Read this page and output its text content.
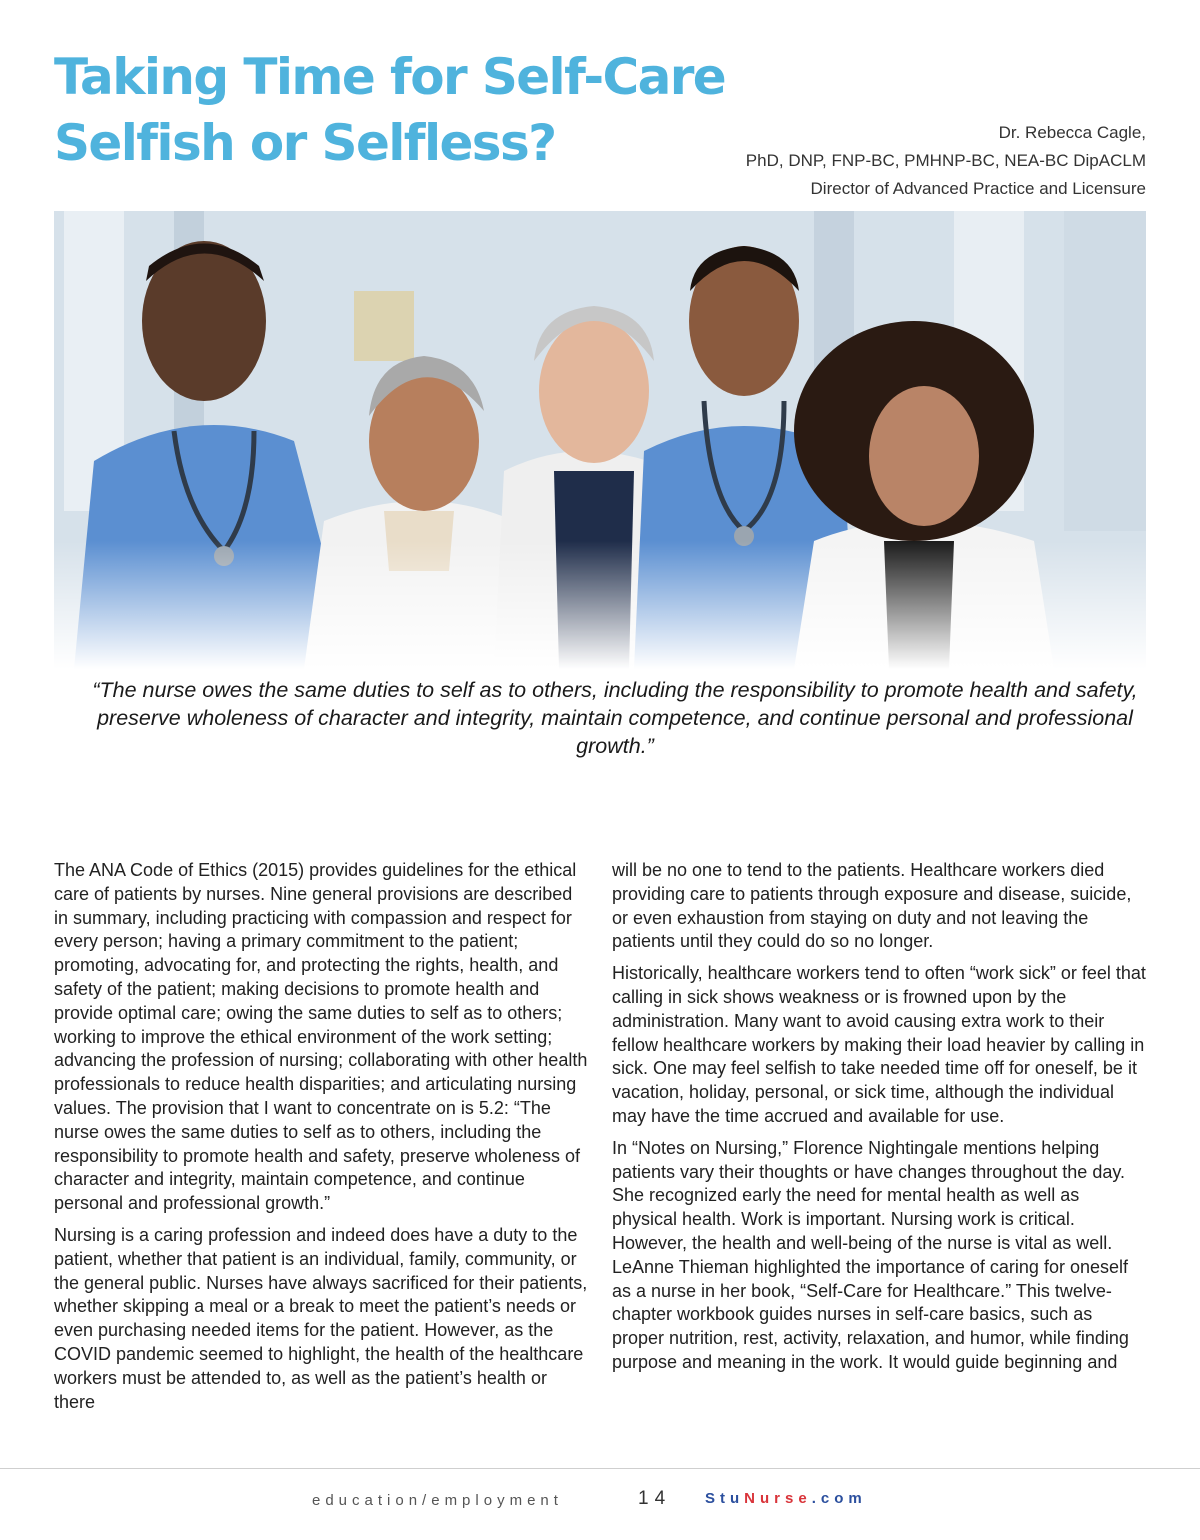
Taking Time for Self-Care
Selfish or Selfless?	Dr. Rebecca Cagle,
PhD, DNP, FNP-BC, PMHNP-BC, NEA-BC DipACLM
Director of Advanced Practice and Licensure
“The nurse owes the same duties to self as to others, including the responsibility to promote health and safety, preserve wholeness of character and integrity, maintain competence, and continue personal and professional growth.”

The ANA Code of Ethics (2015) provides guidelines for the ethical care of patients by nurses. Nine general provisions are described in summary, including practicing with compassion and respect for every person; having a primary commitment to the patient; promoting, advocating for, and protecting the rights, health, and safety of the patient; making decisions to promote health and provide optimal care; owing the same duties to self as to others; working to improve the ethical environment of the work setting; advancing the profession of nursing; collaborating with other health professionals to reduce health disparities; and articulating nursing values. The provision that I want to concentrate on is 5.2: “The nurse owes the same duties to self as to others, including the responsibility to promote health and safety, preserve wholeness of character and integrity, maintain competence, and continue personal and professional growth.”

Nursing is a caring profession and indeed does have a duty to the patient, whether that patient is an individual, family, community, or the general public. Nurses have always sacrificed for their patients, whether skipping a meal or a break to meet the patient’s needs or even purchasing needed items for the patient. However, as the COVID pandemic seemed to highlight, the health of the healthcare workers must be attended to, as well as the patient’s health or there

will be no one to tend to the patients. Healthcare workers died providing care to patients through exposure and disease, suicide, or even exhaustion from staying on duty and not leaving the patients until they could do so no longer.

Historically, healthcare workers tend to often “work sick” or feel that calling in sick shows weakness or is frowned upon by the administration. Many want to avoid causing extra work to their fellow healthcare workers by making their load heavier by calling in sick. One may feel selfish to take needed time off for oneself, be it vacation, holiday, personal, or sick time, although the individual may have the time accrued and available for use.

In “Notes on Nursing,” Florence Nightingale mentions helping patients vary their thoughts or have changes throughout the day. She recognized early the need for mental health as well as physical health. Work is important. Nursing work is critical. However, the health and well-being of the nurse is vital as well. LeAnne Thieman highlighted the importance of caring for oneself as a nurse in her book, “Self-Care for Healthcare.” This twelve-chapter workbook guides nurses in self-care basics, such as proper nutrition, rest, activity, relaxation, and humor, while finding purpose and meaning in the work. It would guide beginning and

education/employment	14 StuNurse.com
